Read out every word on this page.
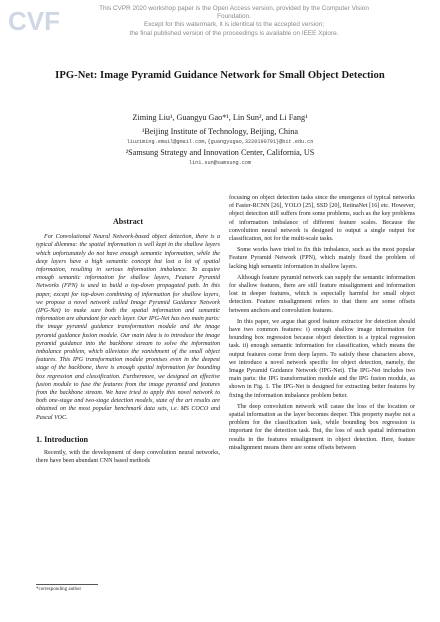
CVF	This CVPR 2020 workshop paper is the Open Access version, provided by the Computer Vision Foundation.
Except for this watermark, it is identical to the accepted version;
the final published version of the proceedings is available on IEEE Xplore.
IPG-Net: Image Pyramid Guidance Network for Small Object Detection
Ziming Liu¹, Guangyu Gao*¹, Lin Sun², and Li Fang¹
¹Beijing Institute of Technology, Beijing, China
liuziming.email@gmail.com,{guangyugao,3220190791}@bit.edu.cn
²Samsung Strategy and Innovation Center, California, US
lin1.sun@samsung.com
Abstract

For Convolutional Neural Network-based object detection, there is a typical dilemma: the spatial information is well kept in the shallow layers which unfortunately do not have enough semantic information, while the deep layers have a high semantic concept but lost a lot of spatial information, resulting in serious information imbalance. To acquire enough semantic information for shallow layers, Feature Pyramid Networks (FPN) is used to build a top-down propagated path. In this paper, except for top-down combining of information for shallow layers, we propose a novel network called Image Pyramid Guidance Network (IPG-Net) to make sure both the spatial information and semantic information are abundant for each layer. Our IPG-Net has two main parts: the image pyramid guidance transformation module and the image pyramid guidance fusion module. Our main idea is to introduce the image pyramid guidance into the backbone stream to solve the information imbalance problem, which alleviates the vanishment of the small object features. This IPG transformation module promises even in the deepest stage of the backbone, there is enough spatial information for bounding box regression and classification. Furthermore, we designed an effective fusion module to fuse the features from the image pyramid and features from the backbone stream. We have tried to apply this novel network to both one-stage and two-stage detection models, state of the art results are obtained on the most popular benchmark data sets, i.e. MS COCO and Pascal VOC.

1. Introduction

Recently, with the development of deep convolution neural networks, there have been abundant CNN based methods

focusing on object detection tasks since the emergence of typical networks of Faster-RCNN [26], YOLO [25], SSD [20], RetinaNet [16] etc. However, object detection still suffers from some problems, such as the key problems of information imbalance of different feature scales. Because the convolution neural network is designed to output a single output for classification, not for the multi-scale tasks.

Some works have tried to fix this imbalance, such as the most popular Feature Pyramid Network (FPN), which mainly fixed the problem of lacking high semantic information in shallow layers.

Although feature pyramid network can supply the semantic information for shallow features, there are still feature misalignment and information lost in deeper features, which is especially harmful for small object detection. Feature misalignment refers to that there are some offsets between anchors and convolution features.

In this paper, we argue that good feature extractor for detection should have two common features: i) enough shallow image information for bounding box regression because object detection is a typical regression task. ii) enough semantic information for classification, which means the output features come from deep layers. To satisfy these characters above, we introduce a novel network specific for object detection, namely, the Image Pyramid Guidance Network (IPG-Net). The IPG-Net includes two main parts: the IPG transformation module and the IPG fusion module, as shown in Fig. 1. The IPG-Net is designed for extracting better features by fixing the information imbalance problem better.

The deep convolution network will cause the loss of the location or spatial information as the layer becomes deeper. This property maybe not a problem for the classification task, while bounding box regression is important for the detection task. But, the loss of such spatial information results in the features misalignment in object detection. Here, feature misalignment means there are some offsets between

*corresponding author
